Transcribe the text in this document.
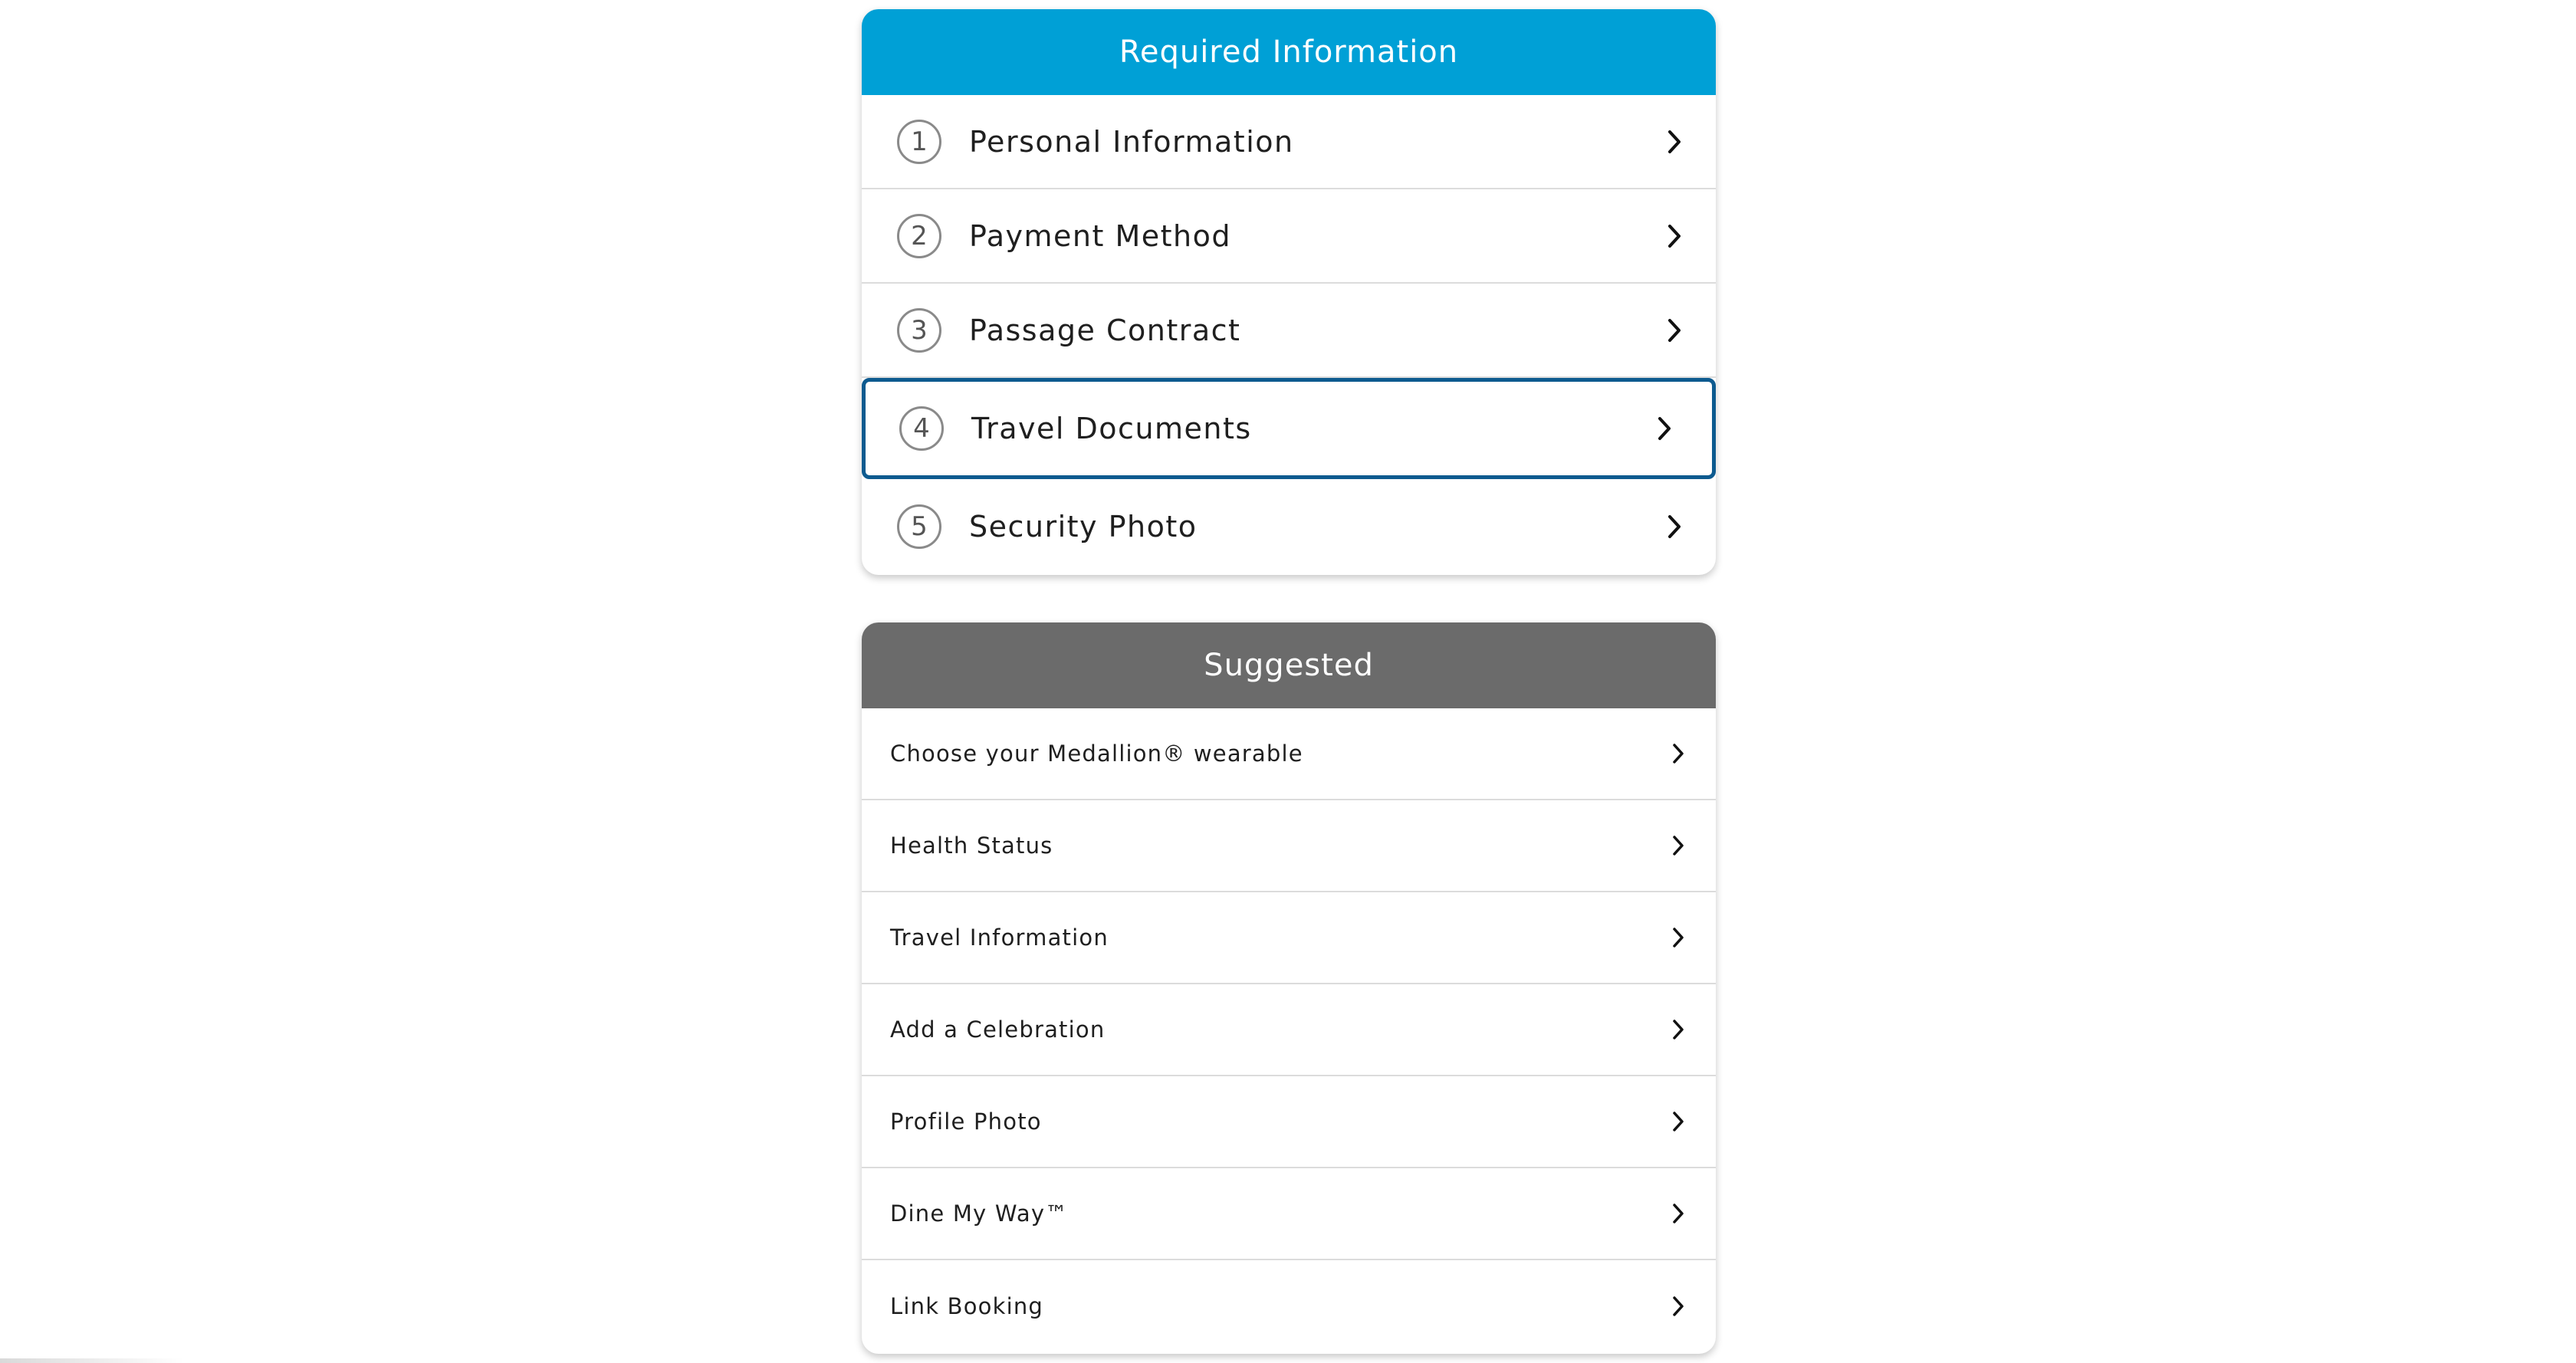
Required Information
1	Personal Information
2	Payment Method
3	Passage Contract
4	Travel Documents
5	Security Photo
Suggested
Choose your Medallion® wearable
Health Status
Travel Information
Add a Celebration
Profile Photo
Dine My Way™
Link Booking
